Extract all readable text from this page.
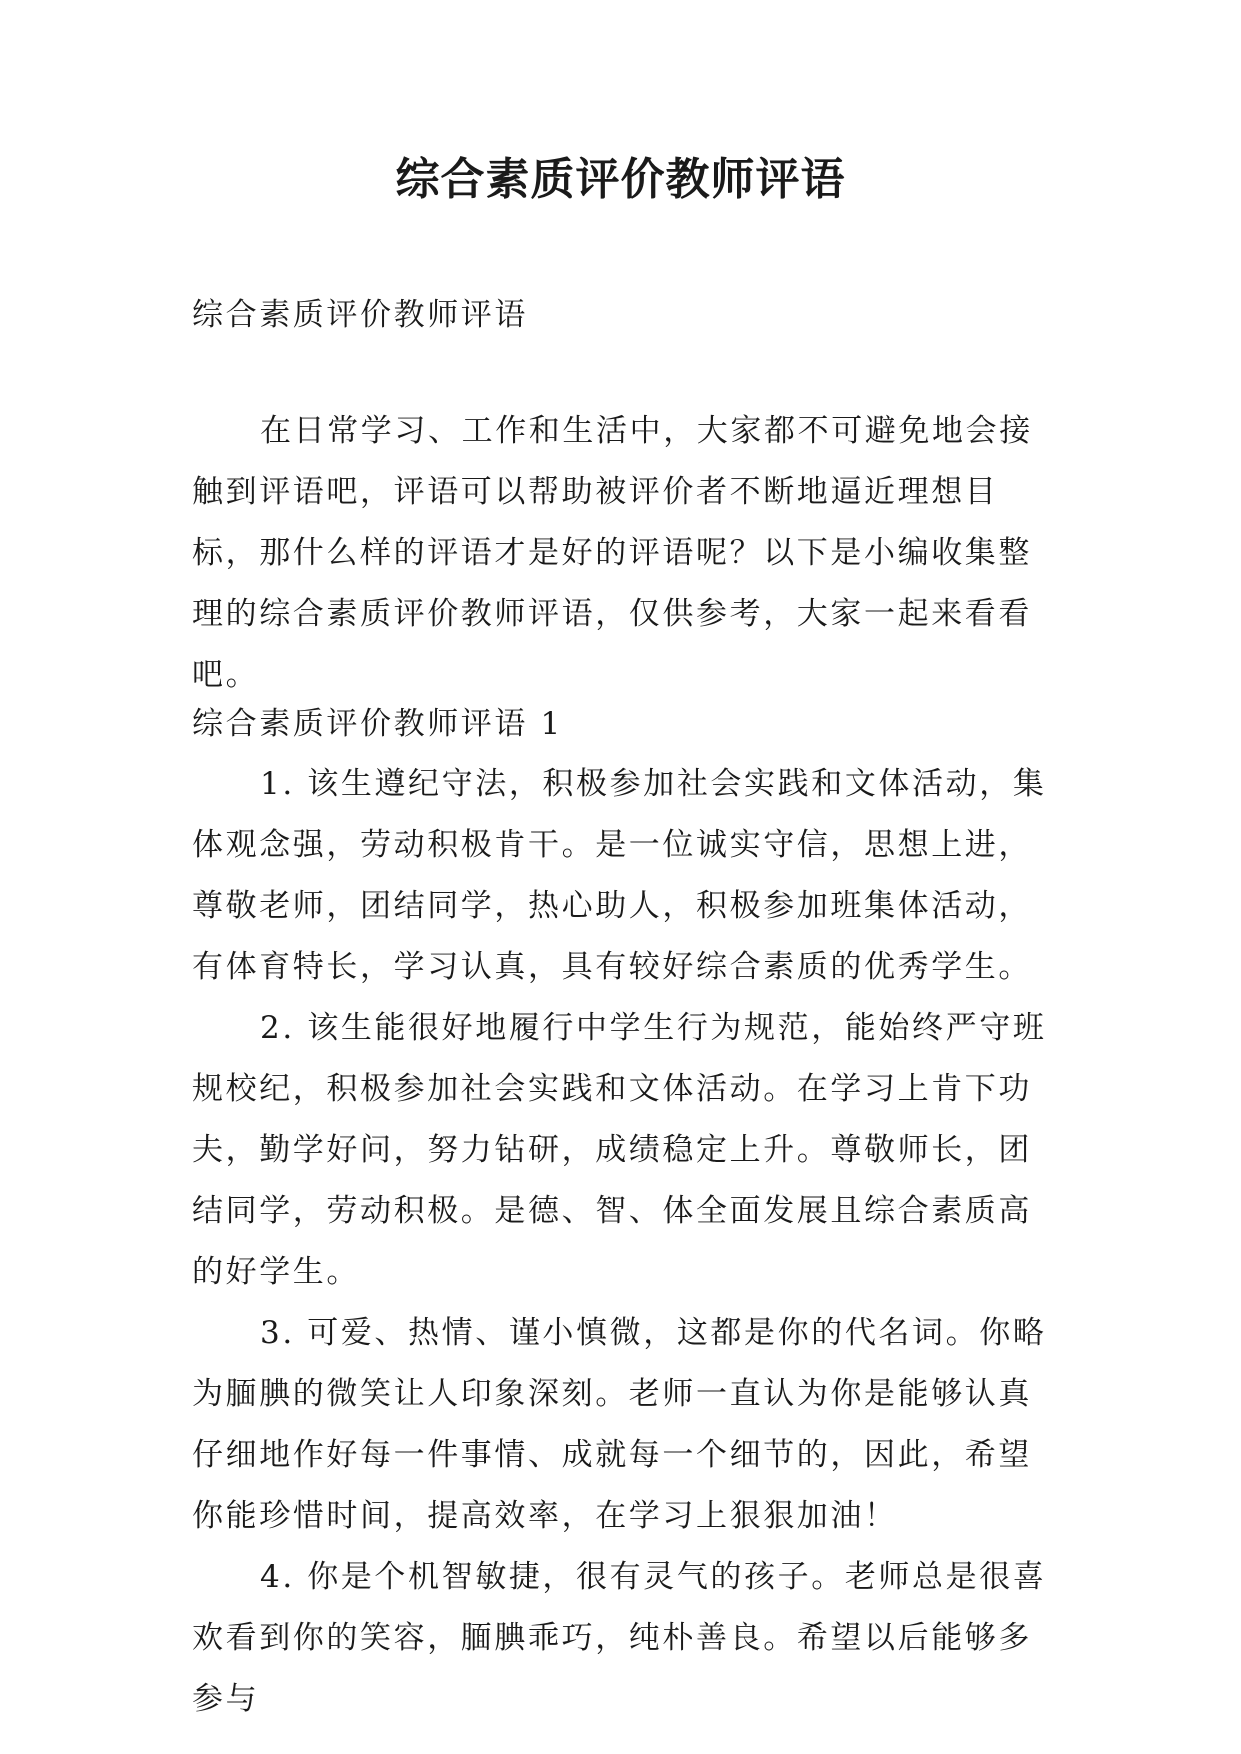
综合素质评价教师评语

综合素质评价教师评语

在日常学习、工作和生活中，大家都不可避免地会接触到评语吧，评语可以帮助被评价者不断地逼近理想目标，那什么样的评语才是好的评语呢？以下是小编收集整理的综合素质评价教师评语，仅供参考，大家一起来看看吧。

综合素质评价教师评语 1

1. 该生遵纪守法，积极参加社会实践和文体活动，集体观念强，劳动积极肯干。是一位诚实守信，思想上进，尊敬老师，团结同学，热心助人，积极参加班集体活动，有体育特长，学习认真，具有较好综合素质的优秀学生。

2. 该生能很好地履行中学生行为规范，能始终严守班规校纪，积极参加社会实践和文体活动。在学习上肯下功夫，勤学好问，努力钻研，成绩稳定上升。尊敬师长，团结同学，劳动积极。是德、智、体全面发展且综合素质高的好学生。

3. 可爱、热情、谨小慎微，这都是你的代名词。你略为腼腆的微笑让人印象深刻。老师一直认为你是能够认真仔细地作好每一件事情、成就每一个细节的，因此，希望你能珍惜时间，提高效率，在学习上狠狠加油！

4. 你是个机智敏捷，很有灵气的孩子。老师总是很喜欢看到你的笑容，腼腆乖巧，纯朴善良。希望以后能够多参与
